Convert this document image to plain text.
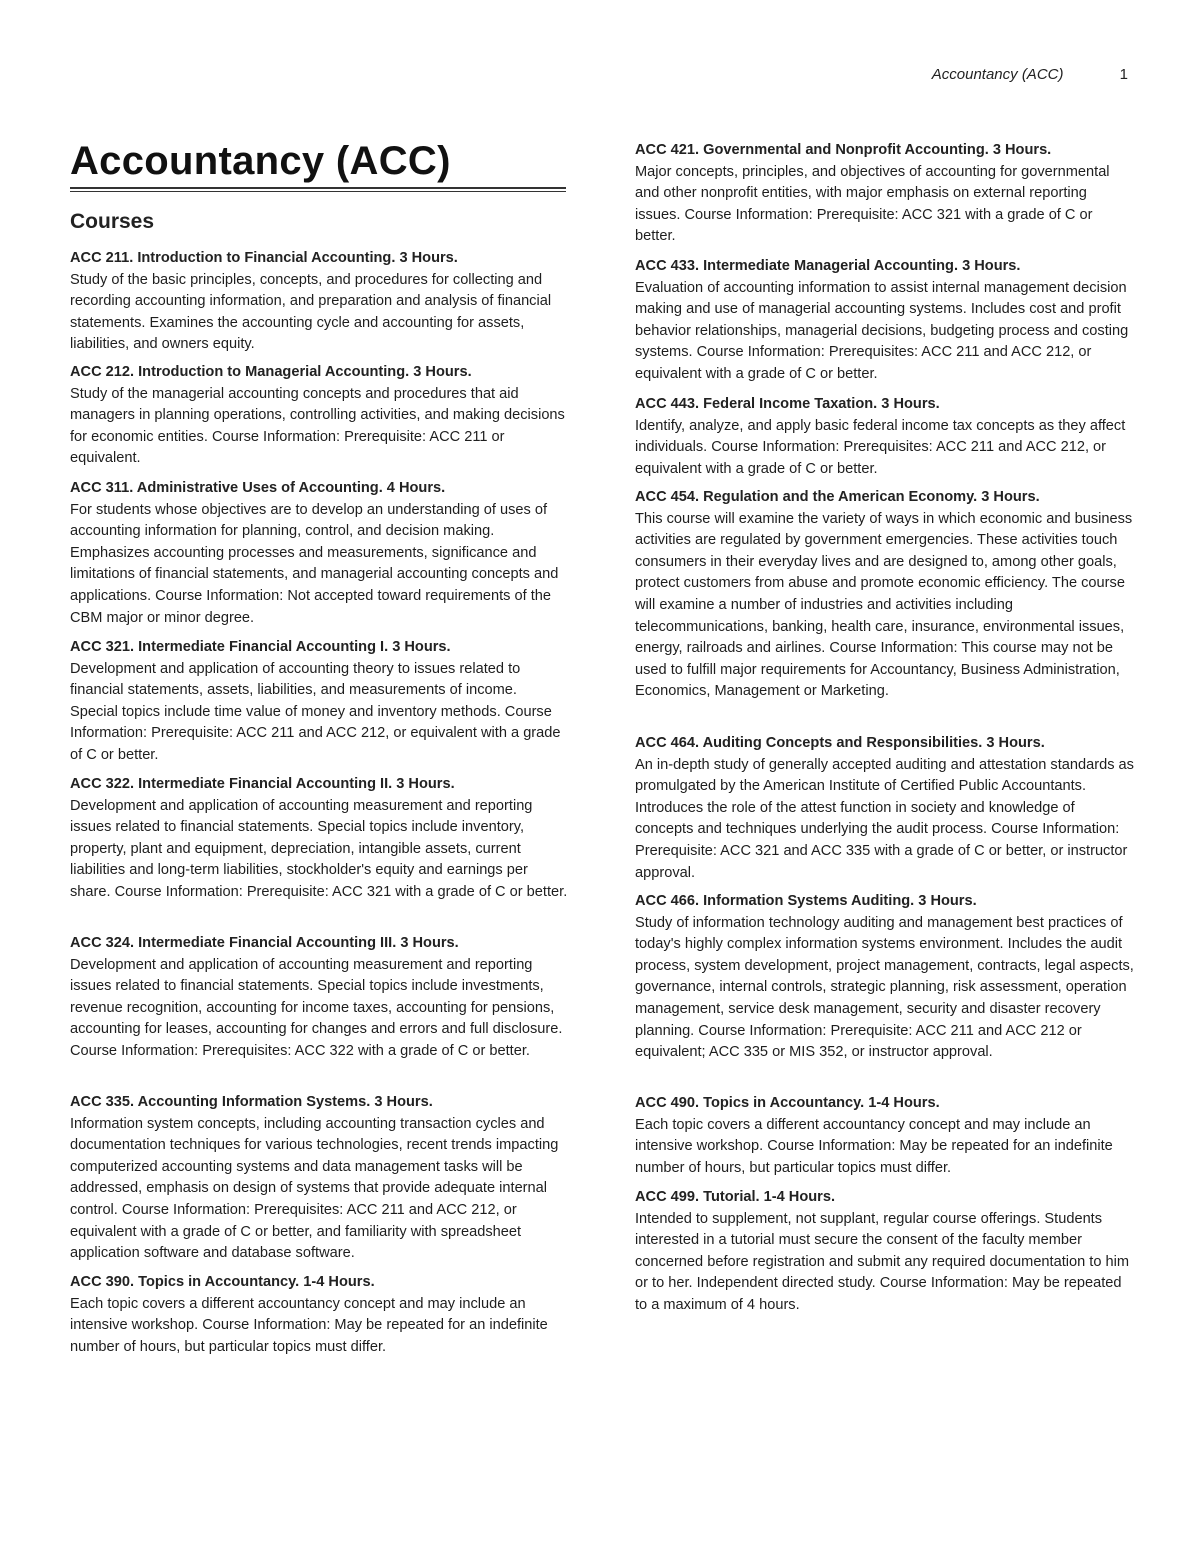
Accountancy (ACC)	1
Accountancy (ACC)
Courses
ACC 211. Introduction to Financial Accounting. 3 Hours.
Study of the basic principles, concepts, and procedures for collecting and recording accounting information, and preparation and analysis of financial statements. Examines the accounting cycle and accounting for assets, liabilities, and owners equity.
ACC 212. Introduction to Managerial Accounting. 3 Hours.
Study of the managerial accounting concepts and procedures that aid managers in planning operations, controlling activities, and making decisions for economic entities. Course Information: Prerequisite: ACC 211 or equivalent.
ACC 311. Administrative Uses of Accounting. 4 Hours.
For students whose objectives are to develop an understanding of uses of accounting information for planning, control, and decision making. Emphasizes accounting processes and measurements, significance and limitations of financial statements, and managerial accounting concepts and applications. Course Information: Not accepted toward requirements of the CBM major or minor degree.
ACC 321. Intermediate Financial Accounting I. 3 Hours.
Development and application of accounting theory to issues related to financial statements, assets, liabilities, and measurements of income. Special topics include time value of money and inventory methods. Course Information: Prerequisite: ACC 211 and ACC 212, or equivalent with a grade of C or better.
ACC 322. Intermediate Financial Accounting II. 3 Hours.
Development and application of accounting measurement and reporting issues related to financial statements. Special topics include inventory, property, plant and equipment, depreciation, intangible assets, current liabilities and long-term liabilities, stockholder's equity and earnings per share. Course Information: Prerequisite: ACC 321 with a grade of C or better.
ACC 324. Intermediate Financial Accounting III. 3 Hours.
Development and application of accounting measurement and reporting issues related to financial statements. Special topics include investments, revenue recognition, accounting for income taxes, accounting for pensions, accounting for leases, accounting for changes and errors and full disclosure. Course Information: Prerequisites: ACC 322 with a grade of C or better.
ACC 335. Accounting Information Systems. 3 Hours.
Information system concepts, including accounting transaction cycles and documentation techniques for various technologies, recent trends impacting computerized accounting systems and data management tasks will be addressed, emphasis on design of systems that provide adequate internal control. Course Information: Prerequisites: ACC 211 and ACC 212, or equivalent with a grade of C or better, and familiarity with spreadsheet application software and database software.
ACC 390. Topics in Accountancy. 1-4 Hours.
Each topic covers a different accountancy concept and may include an intensive workshop. Course Information: May be repeated for an indefinite number of hours, but particular topics must differ.
ACC 421. Governmental and Nonprofit Accounting. 3 Hours.
Major concepts, principles, and objectives of accounting for governmental and other nonprofit entities, with major emphasis on external reporting issues. Course Information: Prerequisite: ACC 321 with a grade of C or better.
ACC 433. Intermediate Managerial Accounting. 3 Hours.
Evaluation of accounting information to assist internal management decision making and use of managerial accounting systems. Includes cost and profit behavior relationships, managerial decisions, budgeting process and costing systems. Course Information: Prerequisites: ACC 211 and ACC 212, or equivalent with a grade of C or better.
ACC 443. Federal Income Taxation. 3 Hours.
Identify, analyze, and apply basic federal income tax concepts as they affect individuals. Course Information: Prerequisites: ACC 211 and ACC 212, or equivalent with a grade of C or better.
ACC 454. Regulation and the American Economy. 3 Hours.
This course will examine the variety of ways in which economic and business activities are regulated by government emergencies. These activities touch consumers in their everyday lives and are designed to, among other goals, protect customers from abuse and promote economic efficiency. The course will examine a number of industries and activities including telecommunications, banking, health care, insurance, environmental issues, energy, railroads and airlines. Course Information: This course may not be used to fulfill major requirements for Accountancy, Business Administration, Economics, Management or Marketing.
ACC 464. Auditing Concepts and Responsibilities. 3 Hours.
An in-depth study of generally accepted auditing and attestation standards as promulgated by the American Institute of Certified Public Accountants. Introduces the role of the attest function in society and knowledge of concepts and techniques underlying the audit process. Course Information: Prerequisite: ACC 321 and ACC 335 with a grade of C or better, or instructor approval.
ACC 466. Information Systems Auditing. 3 Hours.
Study of information technology auditing and management best practices of today's highly complex information systems environment. Includes the audit process, system development, project management, contracts, legal aspects, governance, internal controls, strategic planning, risk assessment, operation management, service desk management, security and disaster recovery planning. Course Information: Prerequisite: ACC 211 and ACC 212 or equivalent; ACC 335 or MIS 352, or instructor approval.
ACC 490. Topics in Accountancy. 1-4 Hours.
Each topic covers a different accountancy concept and may include an intensive workshop. Course Information: May be repeated for an indefinite number of hours, but particular topics must differ.
ACC 499. Tutorial. 1-4 Hours.
Intended to supplement, not supplant, regular course offerings. Students interested in a tutorial must secure the consent of the faculty member concerned before registration and submit any required documentation to him or to her. Independent directed study. Course Information: May be repeated to a maximum of 4 hours.
